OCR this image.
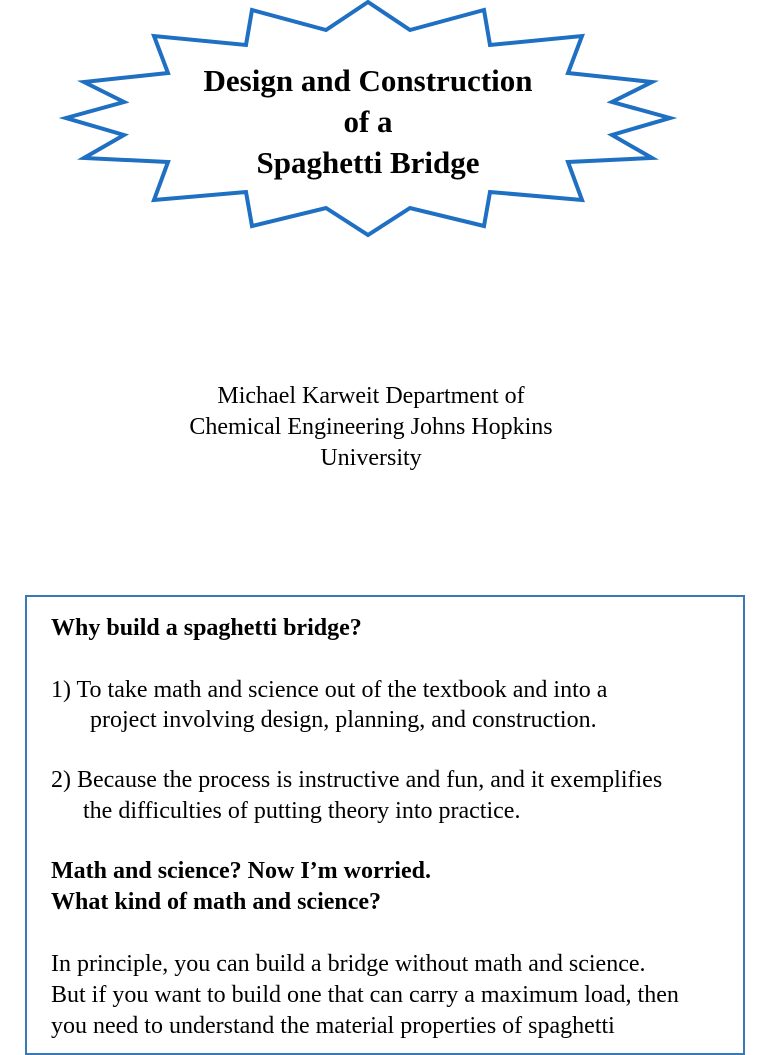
Design and Construction
of a
Spaghetti Bridge
Michael Karweit Department of
Chemical Engineering Johns Hopkins
University
Why build a spaghetti bridge?
1) To take math and science out of the textbook and into a
project involving design, planning, and construction.
2) Because the process is instructive and fun, and it exemplifies
the difficulties of putting theory into practice.
Math and science? Now I’m worried.
What kind of math and science?
In principle, you can build a bridge without math and science.
But if you want to build one that can carry a maximum load, then
you need to understand the material properties of spaghetti
